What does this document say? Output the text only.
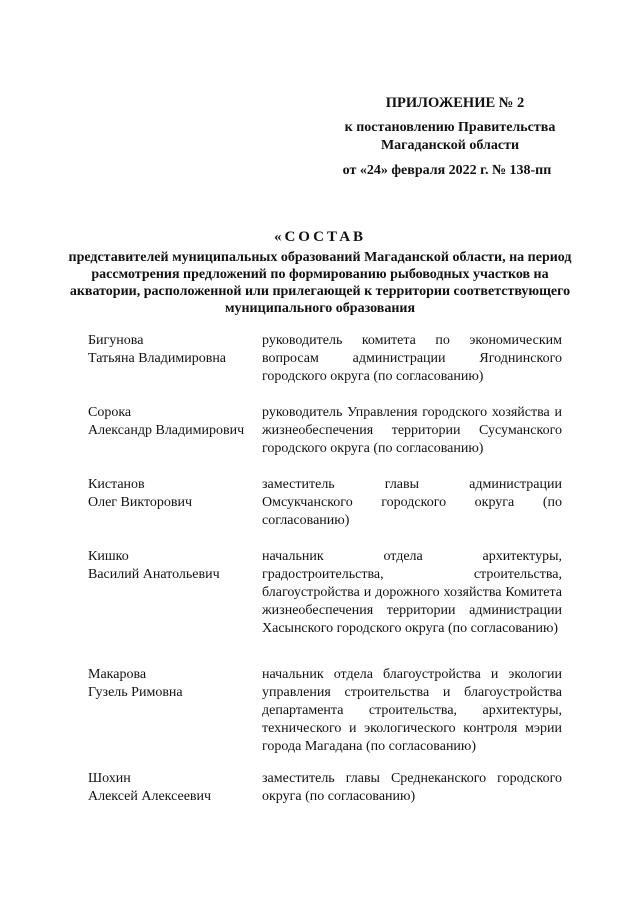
ПРИЛОЖЕНИЕ № 2
к постановлению Правительства Магаданской области
от «24» февраля 2022 г. № 138-пп
«СОСТАВ
представителей муниципальных образований Магаданской области, на период рассмотрения предложений по формированию рыбоводных участков на акватории, расположенной или прилегающей к территории соответствующего муниципального образования
Бигунова
Татьяна Владимировна
руководитель комитета по экономическим вопросам администрации Ягоднинского городского округа (по согласованию)
Сорока
Александр Владимирович
руководитель Управления городского хозяйства и жизнеобеспечения территории Сусуманского городского округа (по согласованию)
Кистанов
Олег Викторович
заместитель главы администрации Омсукчанского городского округа (по согласованию)
Кишко
Василий Анатольевич
начальник отдела архитектуры, градостроительства, строительства, благоустройства и дорожного хозяйства Комитета жизнеобеспечения территории администрации Хасынского городского округа (по согласованию)
Макарова
Гузель Римовна
начальник отдела благоустройства и экологии управления строительства и благоустройства департамента строительства, архитектуры, технического и экологического контроля мэрии города Магадана (по согласованию)
Шохин
Алексей Алексеевич
заместитель главы Среднеканского городского округа (по согласованию)
